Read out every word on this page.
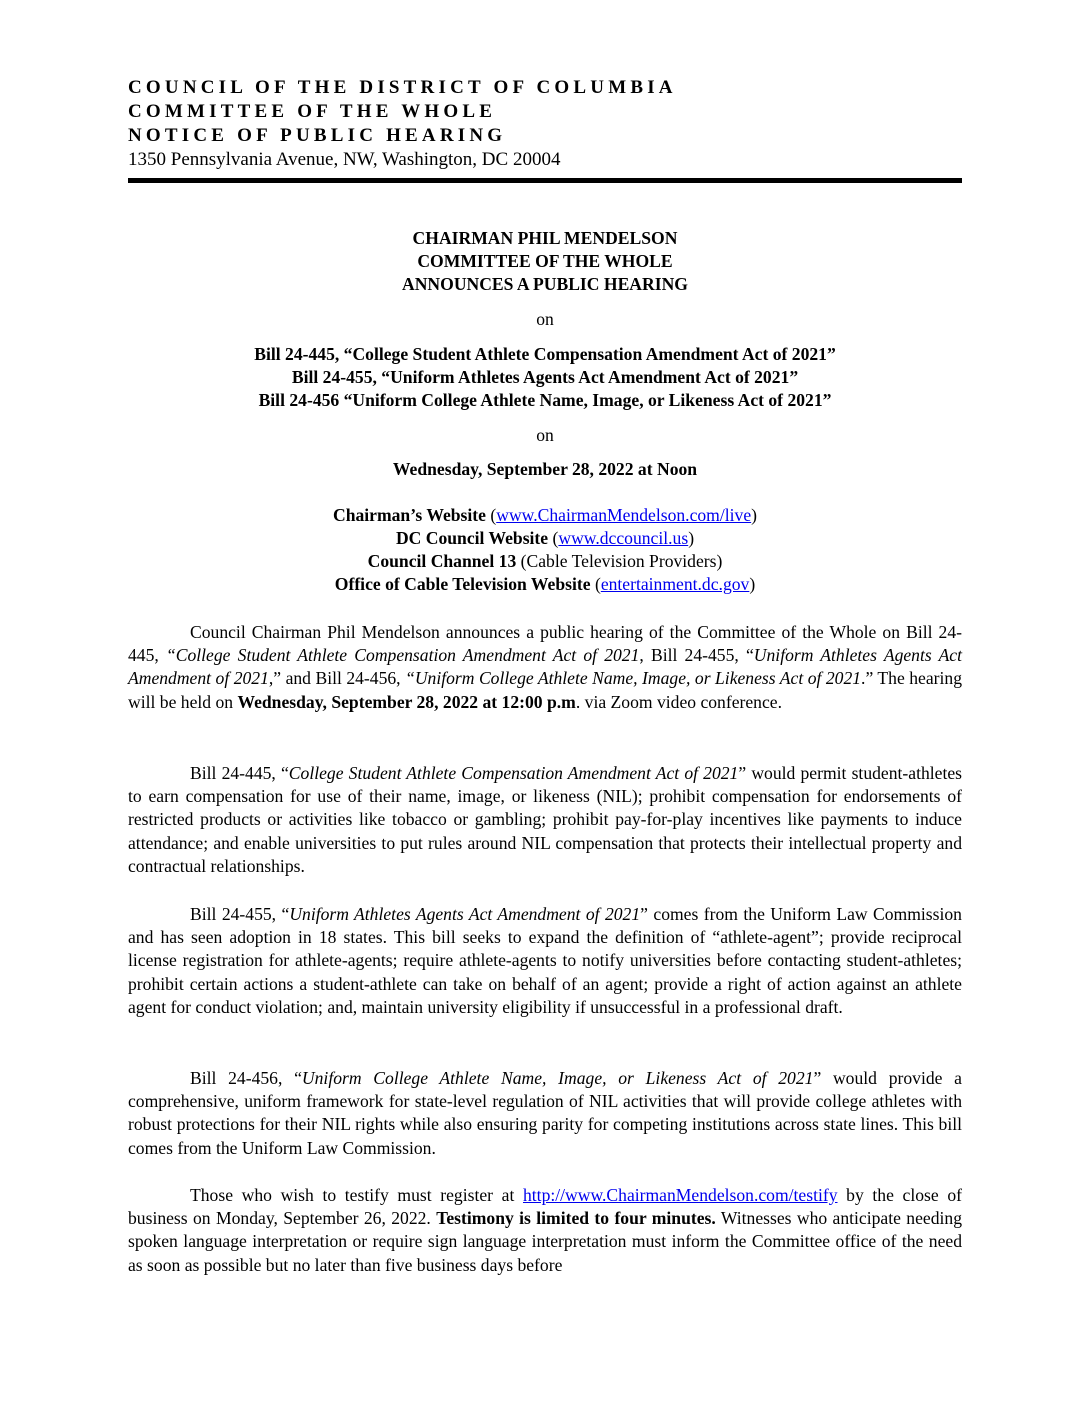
COUNCIL OF THE DISTRICT OF COLUMBIA
COMMITTEE OF THE WHOLE
NOTICE OF PUBLIC HEARING
1350 Pennsylvania Avenue, NW, Washington, DC 20004
CHAIRMAN PHIL MENDELSON
COMMITTEE OF THE WHOLE
ANNOUNCES A PUBLIC HEARING
on
Bill 24-445, “College Student Athlete Compensation Amendment Act of 2021”
Bill 24-455, “Uniform Athletes Agents Act Amendment Act of 2021”
Bill 24-456 “Uniform College Athlete Name, Image, or Likeness Act of 2021”
on
Wednesday, September 28, 2022 at Noon
Chairman’s Website (www.ChairmanMendelson.com/live)
DC Council Website (www.dccouncil.us)
Council Channel 13 (Cable Television Providers)
Office of Cable Television Website (entertainment.dc.gov)
Council Chairman Phil Mendelson announces a public hearing of the Committee of the Whole on Bill 24-445, “College Student Athlete Compensation Amendment Act of 2021, Bill 24-455, “Uniform Athletes Agents Act Amendment of 2021,” and Bill 24-456, “Uniform College Athlete Name, Image, or Likeness Act of 2021.” The hearing will be held on Wednesday, September 28, 2022 at 12:00 p.m. via Zoom video conference.
Bill 24-445, “College Student Athlete Compensation Amendment Act of 2021” would permit student-athletes to earn compensation for use of their name, image, or likeness (NIL); prohibit compensation for endorsements of restricted products or activities like tobacco or gambling; prohibit pay-for-play incentives like payments to induce attendance; and enable universities to put rules around NIL compensation that protects their intellectual property and contractual relationships.
Bill 24-455, “Uniform Athletes Agents Act Amendment of 2021” comes from the Uniform Law Commission and has seen adoption in 18 states. This bill seeks to expand the definition of “athlete-agent”; provide reciprocal license registration for athlete-agents; require athlete-agents to notify universities before contacting student-athletes; prohibit certain actions a student-athlete can take on behalf of an agent; provide a right of action against an athlete agent for conduct violation; and, maintain university eligibility if unsuccessful in a professional draft.
Bill 24-456, “Uniform College Athlete Name, Image, or Likeness Act of 2021” would provide a comprehensive, uniform framework for state-level regulation of NIL activities that will provide college athletes with robust protections for their NIL rights while also ensuring parity for competing institutions across state lines. This bill comes from the Uniform Law Commission.
Those who wish to testify must register at http://www.ChairmanMendelson.com/testify by the close of business on Monday, September 26, 2022. Testimony is limited to four minutes. Witnesses who anticipate needing spoken language interpretation or require sign language interpretation must inform the Committee office of the need as soon as possible but no later than five business days before
